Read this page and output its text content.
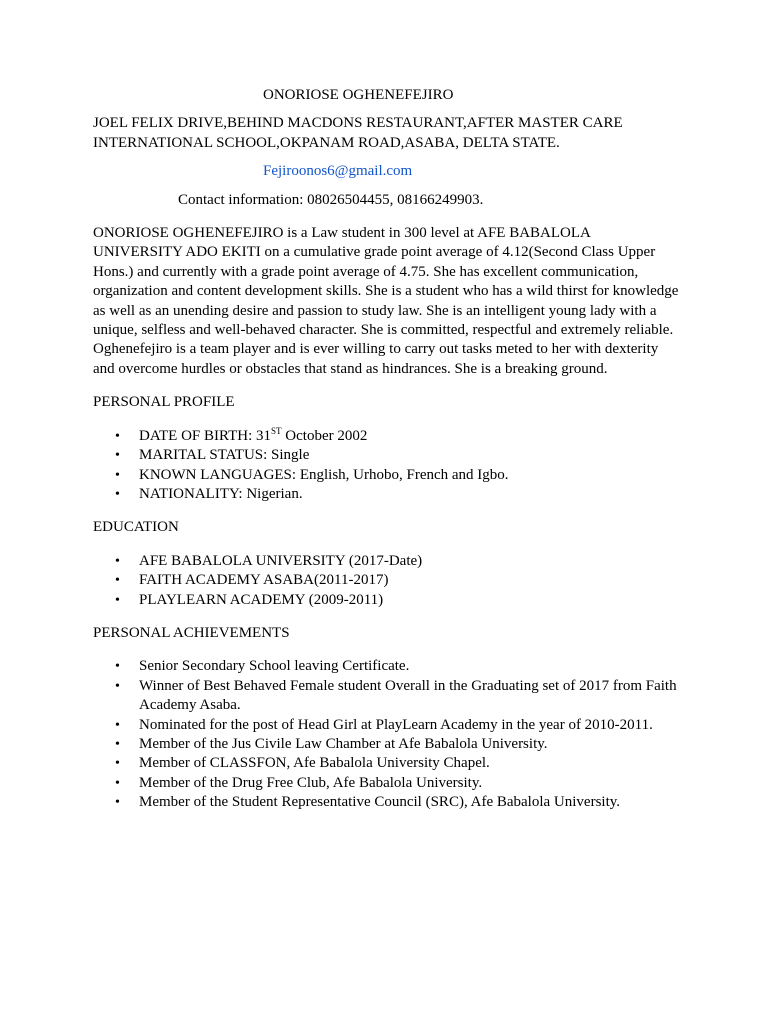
ONORIOSE OGHENEFEJIRO

JOEL FELIX DRIVE,BEHIND MACDONS RESTAURANT,AFTER MASTER CARE INTERNATIONAL SCHOOL,OKPANAM ROAD,ASABA, DELTA STATE.

Fejiroonos6@gmail.com

Contact information: 08026504455, 08166249903.

ONORIOSE OGHENEFEJIRO is a Law student in 300 level at AFE BABALOLA UNIVERSITY ADO EKITI on a cumulative grade point average of 4.12(Second Class Upper Hons.) and currently with a grade point average of 4.75. She has excellent communication, organization and content development skills. She is a student who has a wild thirst for knowledge as well as an unending desire and passion to study law. She is an intelligent young lady with a unique, selfless and well-behaved character. She is committed, respectful and extremely reliable. Oghenefejiro is a team player and is ever willing to carry out tasks meted to her with dexterity and overcome hurdles or obstacles that stand as hindrances. She is a breaking ground.

PERSONAL PROFILE

• DATE OF BIRTH: 31ST October 2002
• MARITAL STATUS: Single
• KNOWN LANGUAGES: English, Urhobo, French and Igbo.
• NATIONALITY: Nigerian.

EDUCATION

• AFE BABALOLA UNIVERSITY (2017-Date)
• FAITH ACADEMY ASABA(2011-2017)
• PLAYLEARN ACADEMY (2009-2011)

PERSONAL ACHIEVEMENTS

• Senior Secondary School leaving Certificate.
• Winner of Best Behaved Female student Overall in the Graduating set of 2017 from Faith Academy Asaba.
• Nominated for the post of Head Girl at PlayLearn Academy in the year of 2010-2011.
• Member of the Jus Civile Law Chamber at Afe Babalola University.
• Member of CLASSFON, Afe Babalola University Chapel.
• Member of the Drug Free Club, Afe Babalola University.
• Member of the Student Representative Council (SRC), Afe Babalola University.
